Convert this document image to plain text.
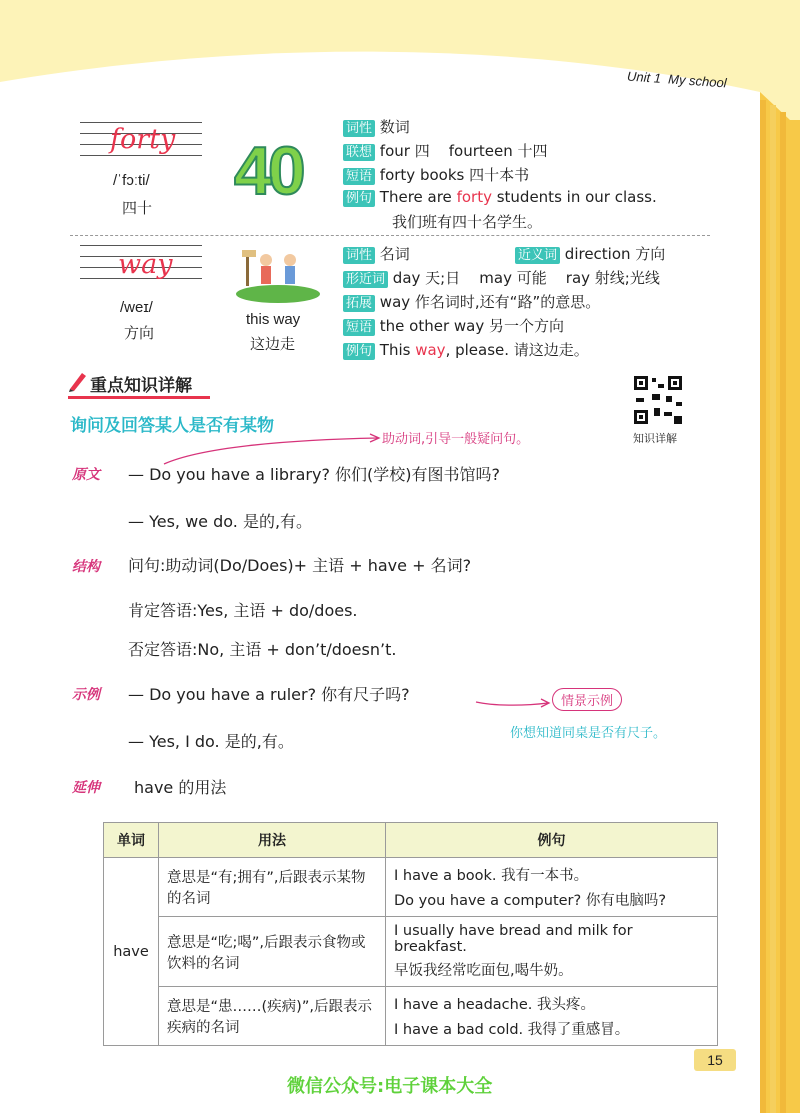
Unit 1 My school
forty
/ˈfɔːti/
四十 40
词性 数词
联想 four 四    fourteen 十四
短语 forty books 四十本书
例句 There are forty students in our class.
我们班有四十名学生。
way
/weɪ/
方向
this way
这边走
词性 名词	近义词 direction 方向
形近词 day 天;日    may 可能    ray 射线;光线
拓展 way 作名词时,还有“路”的意思。
短语 the other way 另一个方向
例句 This way, please. 请这边走。
重点知识详解
知识详解
询问及回答某人是否有某物
助动词,引导一般疑问句。
原文 — Do you have a library? 你们(学校)有图书馆吗?
— Yes, we do. 是的,有。
结构 问句:助动词(Do/Does)+ 主语 + have + 名词?
肯定答语:Yes, 主语 + do/does.
否定答语:No, 主语 + don’t/doesn’t.
示例 — Do you have a ruler? 你有尺子吗?
— Yes, I do. 是的,有。
情景示例
你想知道同桌是否有尺子。
延伸 have 的用法
单词	用法	例句
have	意思是“有;拥有”,后跟表示某物的名词	I have a book. 我有一本书。
Do you have a computer? 你有电脑吗?

	意思是“吃;喝”,后跟表示食物或饮料的名词	I usually have bread and milk for breakfast.
早饭我经常吃面包,喝牛奶。

	意思是“患……(疾病)”,后跟表示疾病的名词	I have a headache. 我头疼。
I have a bad cold. 我得了重感冒。
15
微信公众号:电子课本大全
